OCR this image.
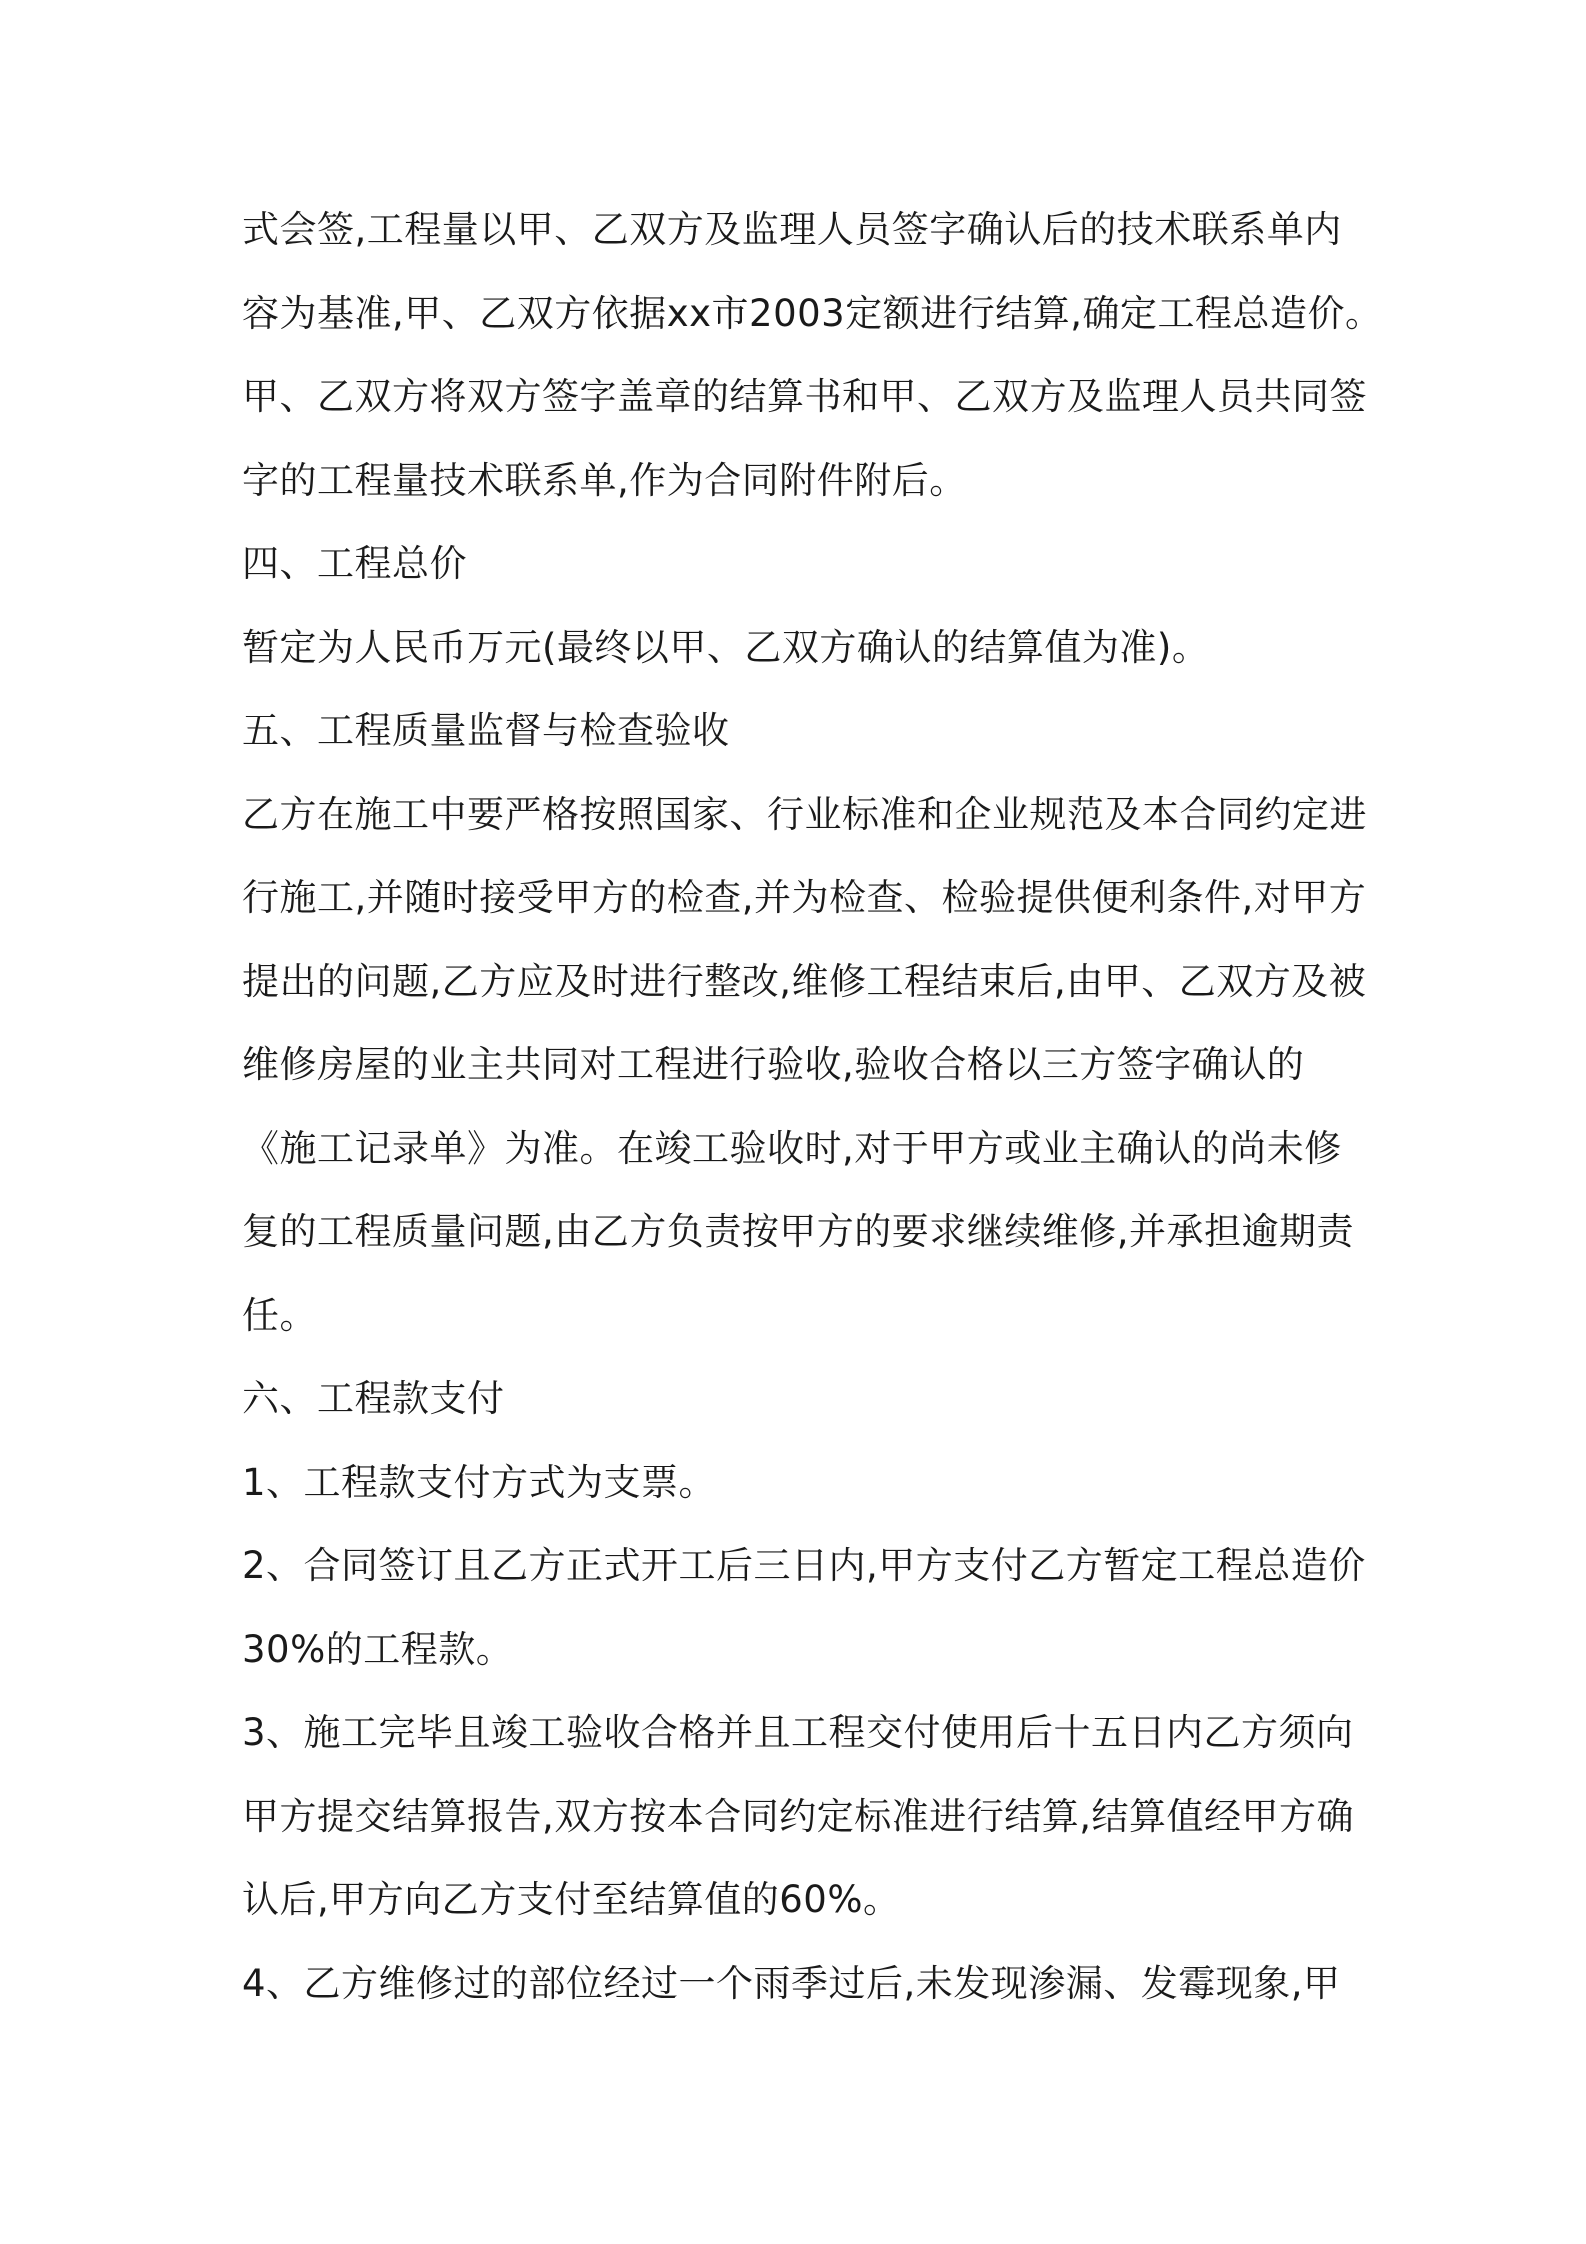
式会签,工程量以甲、乙双方及监理人员签字确认后的技术联系单内
容为基准,甲、乙双方依据xx市2003定额进行结算,确定工程总造价。
甲、乙双方将双方签字盖章的结算书和甲、乙双方及监理人员共同签
字的工程量技术联系单,作为合同附件附后。
四、工程总价
暂定为人民币万元(最终以甲、乙双方确认的结算值为准)。
五、工程质量监督与检查验收
乙方在施工中要严格按照国家、行业标准和企业规范及本合同约定进
行施工,并随时接受甲方的检查,并为检查、检验提供便利条件,对甲方
提出的问题,乙方应及时进行整改,维修工程结束后,由甲、乙双方及被
维修房屋的业主共同对工程进行验收,验收合格以三方签字确认的
《施工记录单》为准。在竣工验收时,对于甲方或业主确认的尚未修
复的工程质量问题,由乙方负责按甲方的要求继续维修,并承担逾期责
任。
六、工程款支付
1、工程款支付方式为支票。
2、合同签订且乙方正式开工后三日内,甲方支付乙方暂定工程总造价
30%的工程款。
3、施工完毕且竣工验收合格并且工程交付使用后十五日内乙方须向
甲方提交结算报告,双方按本合同约定标准进行结算,结算值经甲方确
认后,甲方向乙方支付至结算值的60%。
4、乙方维修过的部位经过一个雨季过后,未发现渗漏、发霉现象,甲
